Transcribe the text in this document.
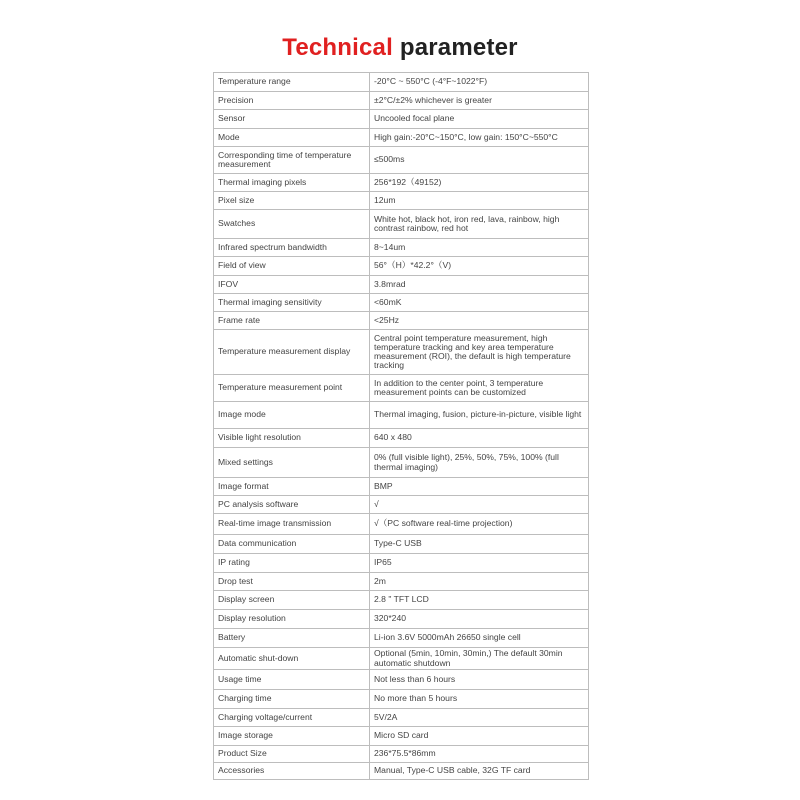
Technical parameter
Temperature range	-20°C ~ 550°C (-4°F~1022°F)
Precision	±2°C/±2% whichever is greater
Sensor	Uncooled focal plane
Mode	High gain:-20°C~150°C, low gain: 150°C~550°C
Corresponding time of temperature measurement	≤500ms
Thermal imaging pixels	256*192（49152)
Pixel size	12um
Swatches	White hot, black hot, iron red, lava, rainbow, high contrast rainbow, red hot
Infrared spectrum bandwidth	8~14um
Field of view	56°（H）*42.2°（V)
IFOV	3.8mrad
Thermal imaging sensitivity	<60mK
Frame rate	<25Hz
Temperature measurement display	Central point temperature measurement, high temperature tracking and key area temperature measurement (ROI), the default is high temperature tracking
Temperature measurement point	In addition to the center point, 3 temperature measurement points can be customized
Image mode	Thermal imaging, fusion, picture-in-picture, visible light
Visible light resolution	640 x 480
Mixed settings	0% (full visible light), 25%, 50%, 75%, 100% (full thermal imaging)
Image format	BMP
PC analysis software	√
Real-time image transmission	√（PC software real-time projection)
Data communication	Type-C USB
IP rating	IP65
Drop test	2m
Display screen	2.8 " TFT LCD
Display resolution	320*240
Battery	Li-ion 3.6V 5000mAh 26650 single cell
Automatic shut-down	Optional (5min, 10min, 30min,) The default 30min automatic shutdown
Usage time	Not less than 6 hours
Charging time	No more than 5 hours
Charging voltage/current	5V/2A
Image storage	Micro SD card
Product Size	236*75.5*86mm
Accessories	Manual, Type-C USB cable, 32G TF card
